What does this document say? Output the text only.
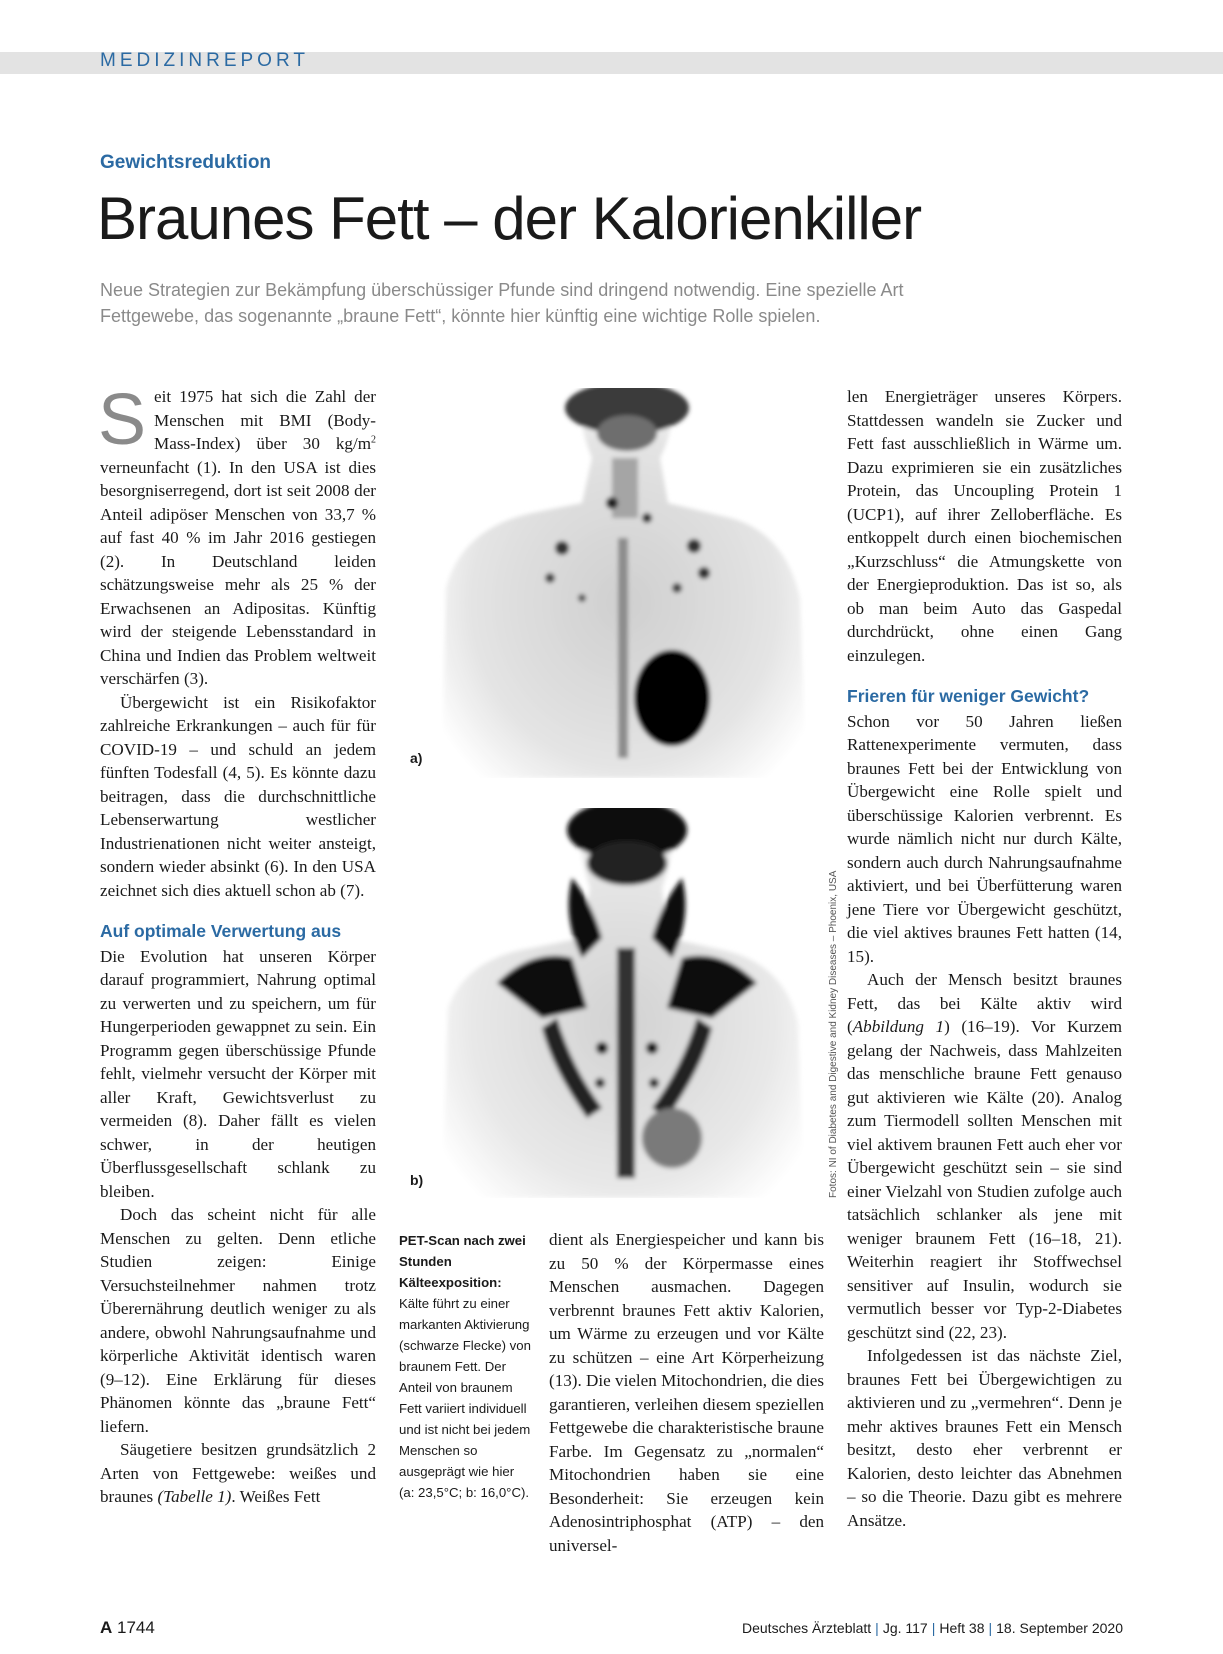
MEDIZINREPORT
Gewichtsreduktion
Braunes Fett – der Kalorienkiller
Neue Strategien zur Bekämpfung überschüssiger Pfunde sind dringend notwendig. Eine spezielle Art Fettgewebe, das sogenannte „braune Fett“, könnte hier künftig eine wichtige Rolle spielen.

Seit 1975 hat sich die Zahl der Menschen mit BMI (Body-Mass-Index) über 30 $kg/m^2$ verneunfacht (1). In den USA ist dies besorgniserregend, dort ist seit 2008 der Anteil adipöser Menschen von 33,7 % auf fast 40 % im Jahr 2016 gestiegen (2). In Deutschland leiden schätzungsweise mehr als 25 % der Erwachsenen an Adipositas. Künftig wird der steigende Lebensstandard in China und Indien das Problem weltweit verschärfen (3).

Übergewicht ist ein Risikofaktor zahlreiche Erkrankungen – auch für für COVID-19 – und schuld an jedem fünften Todesfall (4, 5). Es könnte dazu beitragen, dass die durchschnittliche Lebenserwartung westlicher Industrienationen nicht weiter ansteigt, sondern wieder absinkt (6). In den USA zeichnet sich dies aktuell schon ab (7).

Auf optimale Verwertung aus

Die Evolution hat unseren Körper darauf programmiert, Nahrung optimal zu verwerten und zu speichern, um für Hungerperioden gewappnet zu sein. Ein Programm gegen überschüssige Pfunde fehlt, vielmehr versucht der Körper mit aller Kraft, Gewichtsverlust zu vermeiden (8). Daher fällt es vielen schwer, in der heutigen Überflussgesellschaft schlank zu bleiben.

Doch das scheint nicht für alle Menschen zu gelten. Denn etliche Studien zeigen: Einige Versuchsteilnehmer nahmen trotz Überernährung deutlich weniger zu als andere, obwohl Nahrungsaufnahme und körperliche Aktivität identisch waren (9–12). Eine Erklärung für dieses Phänomen könnte das „braune Fett“ liefern.

Säugetiere besitzen grundsätzlich 2 Arten von Fettgewebe: weißes und braunes (Tabelle 1). Weißes Fett

a)
b)	Fotos: NI of Diabetes and Digestive and Kidney Diseases – Phoenix, USA
PET-Scan nach zwei Stunden Kälteexposition: Kälte führt zu einer markanten Aktivierung (schwarze Flecke) von braunem Fett. Der Anteil von braunem Fett variiert individuell und ist nicht bei jedem Menschen so ausgeprägt wie hier (a: 23,5°C; b: 16,0°C).

dient als Energiespeicher und kann bis zu 50 % der Körpermasse eines Menschen ausmachen. Dagegen verbrennt braunes Fett aktiv Kalorien, um Wärme zu erzeugen und vor Kälte zu schützen – eine Art Körperheizung (13). Die vielen Mitochondrien, die dies garantieren, verleihen diesem speziellen Fettgewebe die charakteristische braune Farbe. Im Gegensatz zu „normalen“ Mitochondrien haben sie eine Besonderheit: Sie erzeugen kein Adenosintriphosphat (ATP) – den universel-

len Energieträger unseres Körpers. Stattdessen wandeln sie Zucker und Fett fast ausschließlich in Wärme um. Dazu exprimieren sie ein zusätzliches Protein, das Uncoupling Protein 1 (UCP1), auf ihrer Zelloberfläche. Es entkoppelt durch einen biochemischen „Kurzschluss“ die Atmungskette von der Energieproduktion. Das ist so, als ob man beim Auto das Gaspedal durchdrückt, ohne einen Gang einzulegen.

Frieren für weniger Gewicht?

Schon vor 50 Jahren ließen Rattenexperimente vermuten, dass braunes Fett bei der Entwicklung von Übergewicht eine Rolle spielt und überschüssige Kalorien verbrennt. Es wurde nämlich nicht nur durch Kälte, sondern auch durch Nahrungsaufnahme aktiviert, und bei Überfütterung waren jene Tiere vor Übergewicht geschützt, die viel aktives braunes Fett hatten (14, 15).

Auch der Mensch besitzt braunes Fett, das bei Kälte aktiv wird (Abbildung 1) (16–19). Vor Kurzem gelang der Nachweis, dass Mahlzeiten das menschliche braune Fett genauso gut aktivieren wie Kälte (20). Analog zum Tiermodell sollten Menschen mit viel aktivem braunen Fett auch eher vor Übergewicht geschützt sein – sie sind einer Vielzahl von Studien zufolge auch tatsächlich schlanker als jene mit weniger braunem Fett (16–18, 21). Weiterhin reagiert ihr Stoffwechsel sensitiver auf Insulin, wodurch sie vermutlich besser vor Typ-2-Diabetes geschützt sind (22, 23).

Infolgedessen ist das nächste Ziel, braunes Fett bei Übergewichtigen zu aktivieren und zu „vermehren“. Denn je mehr aktives braunes Fett ein Mensch besitzt, desto eher verbrennt er Kalorien, desto leichter das Abnehmen – so die Theorie. Dazu gibt es mehrere Ansätze.

A 1744	Deutsches Ärzteblatt | Jg. 117 | Heft 38 | 18. September 2020
